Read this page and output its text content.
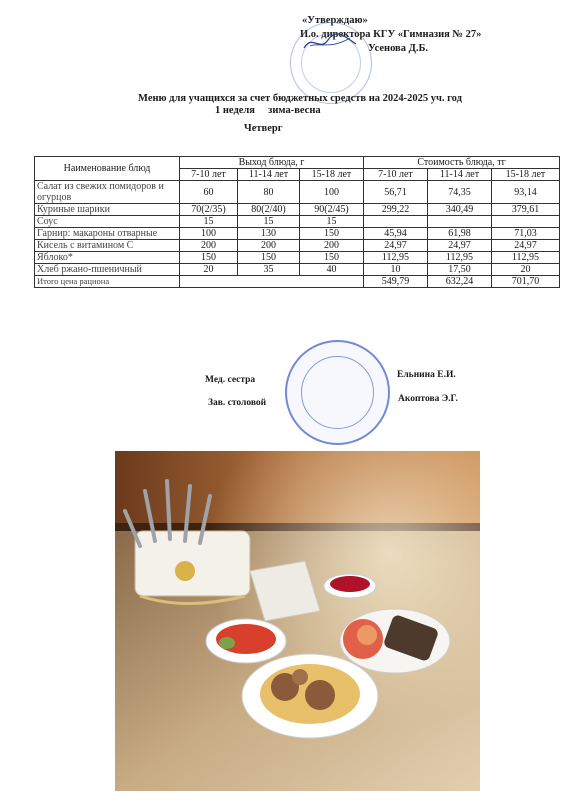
«Утверждаю»
И.о. директора КГУ «Гимназия № 27»
Усенова Д.Б.
Меню для учащихся за счет бюджетных средств на 2024-2025 уч. год
1 неделя     зима-весна
Четверг
Наименование блюд	Выход блюда, г			Стоимость блюда, тг		
	7-10 лет	11-14 лет	15-18 лет	7-10 лет	11-14 лет	15-18 лет
Салат из свежих помидоров и огурцов	60	80	100	56,71	74,35	93,14
Куриные шарики	70(2/35)	80(2/40)	90(2/45)	299,22	340,49	379,61
Соус	15	15	15			
Гарнир: макароны отварные	100	130	150	45,94	61,98	71,03
Кисель с витамином С	200	200	200	24,97	24,97	24,97
Яблоко*	150	150	150	112,95	112,95	112,95
Хлеб ржано-пшеничный	20	35	40	10	17,50	20
Итого цена рациона				549,79	632,24	701,70
Мед. сестра	Ельнина Е.И.
Зав. столовой	Акоптова Э.Г.
